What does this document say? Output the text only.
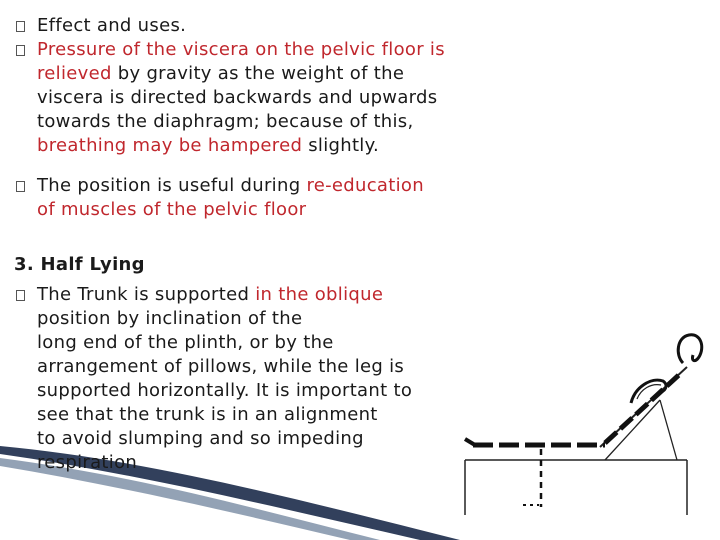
Effect and uses.
Pressure of the viscera on the pelvic floor is
relieved by gravity as the weight of the
viscera is directed backwards and upwards
towards the diaphragm; because of this,
breathing may be hampered slightly.
The position is useful during re-education
of muscles of the pelvic floor
3. Half Lying
The Trunk is supported in the oblique
position by inclination of the
long end of the plinth, or by the
arrangement of pillows, while the leg is
supported horizontally. It is important to
see that the trunk is in an alignment
to avoid slumping and so impeding
respiration
